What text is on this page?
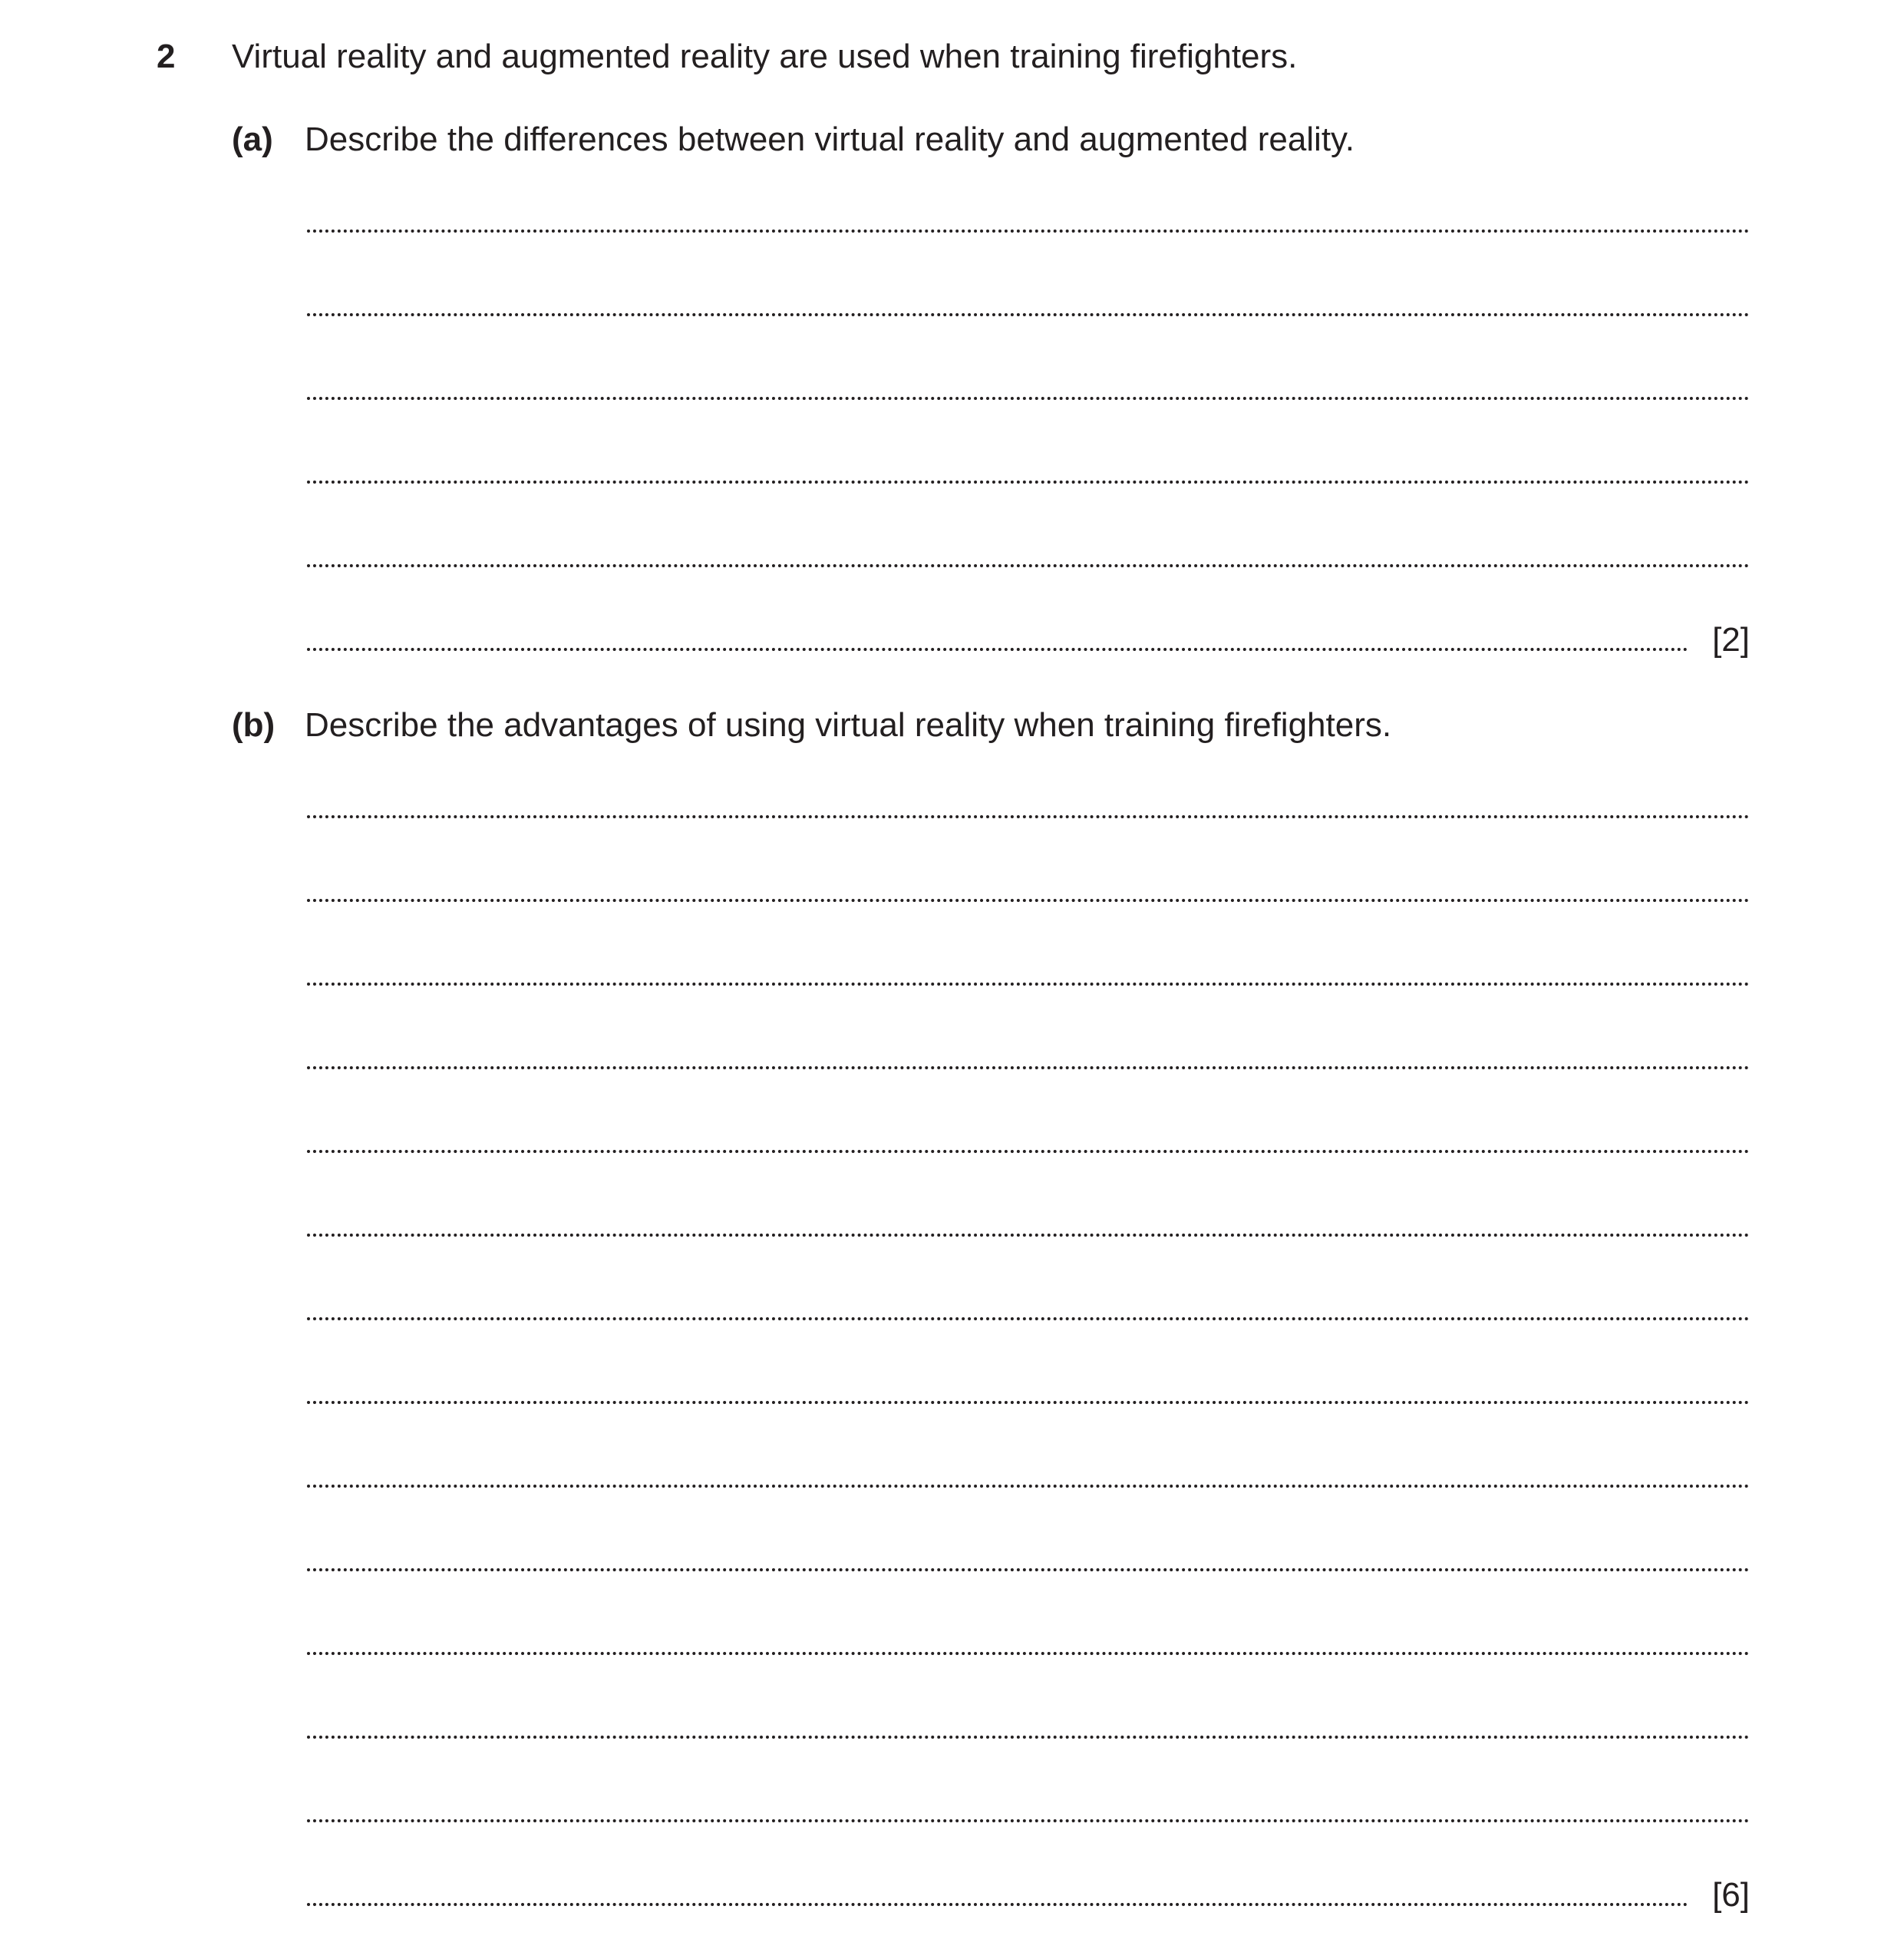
2 Virtual reality and augmented reality are used when training firefighters.
(a) Describe the differences between virtual reality and augmented reality.
[2]
(b) Describe the advantages of using virtual reality when training firefighters.
[6]
